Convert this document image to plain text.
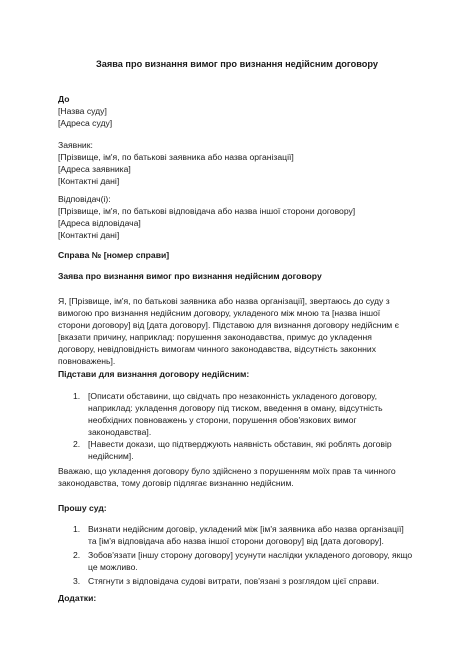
Заява про визнання вимог про визнання недійсним договору
До
[Назва суду]
[Адреса суду]
Заявник:
[Прізвище, ім'я, по батькові заявника або назва організації]
[Адреса заявника]
[Контактні дані]
Відповідач(і):
[Прізвище, ім'я, по батькові відповідача або назва іншої сторони договору]
[Адреса відповідача]
[Контактні дані]
Справа № [номер справи]
Заява про визнання вимог про визнання недійсним договору
Я, [Прізвище, ім'я, по батькові заявника або назва організації], звертаюсь до суду з
вимогою про визнання недійсним договору, укладеного між мною та [назва іншої
сторони договору] від [дата договору]. Підставою для визнання договору недійсним є
[вказати причину, наприклад: порушення законодавства, примус до укладення
договору, невідповідність вимогам чинного законодавства, відсутність законних
повноважень].
Підстави для визнання договору недійсним:
1. [Описати обставини, що свідчать про незаконність укладеного договору,
наприклад: укладення договору під тиском, введення в оману, відсутність
необхідних повноважень у сторони, порушення обов'язкових вимог
законодавства].
2. [Навести докази, що підтверджують наявність обставин, які роблять договір
недійсним].
Вважаю, що укладення договору було здійснено з порушенням моїх прав та чинного
законодавства, тому договір підлягає визнанню недійсним.
Прошу суд:
1. Визнати недійсним договір, укладений між [ім'я заявника або назва організації]
та [ім'я відповідача або назва іншої сторони договору] від [дата договору].
2. Зобов'язати [іншу сторону договору] усунути наслідки укладеного договору, якщо
це можливо.
3. Стягнути з відповідача судові витрати, пов'язані з розглядом цієї справи.
Додатки:
